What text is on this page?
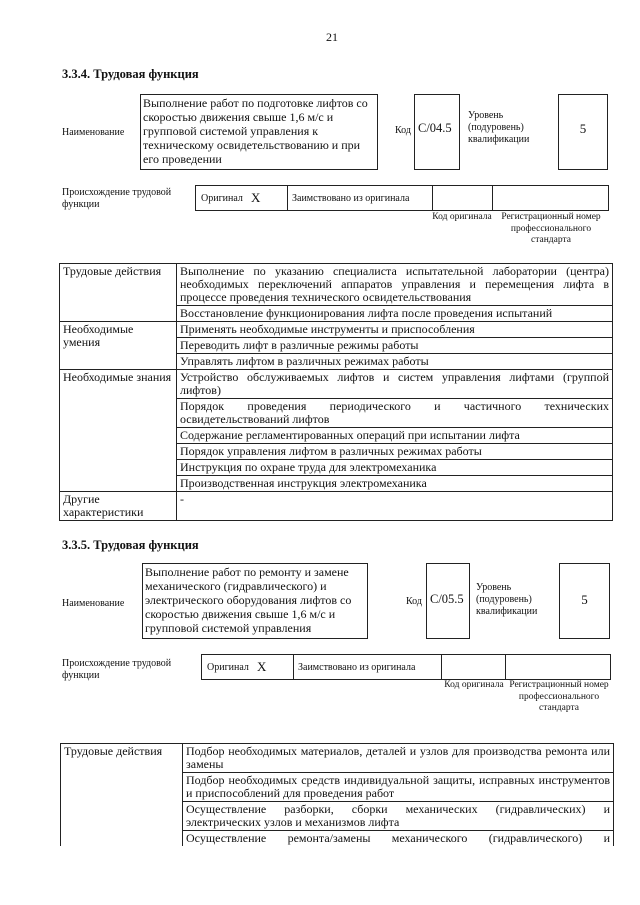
21
3.3.4. Трудовая функция
Наименование
Выполнение работ по подготовке лифтов со скоростью движения свыше 1,6 м/с и групповой системой управления к техническому освидетельствованию и при его проведении
Код C/04.5
Уровень (подуровень) квалификации
5
Происхождение трудовой функции
Оригинал X	Заимствовано из оригинала
Код оригинала	Регистрационный номер профессионального стандарта
Трудовые действия	Выполнение по указанию специалиста испытательной лаборатории (центра) необходимых переключений аппаратов управления и перемещения лифта в процессе проведения технического освидетельствования
	Восстановление функционирования лифта после проведения испытаний
Необходимые умения	Применять необходимые инструменты и приспособления
	Переводить лифт в различные режимы работы
	Управлять лифтом в различных режимах работы
Необходимые знания	Устройство обслуживаемых лифтов и систем управления лифтами (группой лифтов)
	Порядок проведения периодического и частичного технических освидетельствований лифтов
	Содержание регламентированных операций при испытании лифта
	Порядок управления лифтом в различных режимах работы
	Инструкция по охране труда для электромеханика
	Производственная инструкция электромеханика
Другие характеристики	-
3.3.5. Трудовая функция
Наименование
Выполнение работ по ремонту и замене механического (гидравлического) и электрического оборудования лифтов со скоростью движения свыше 1,6 м/с и групповой системой управления
Код C/05.5
Уровень (подуровень) квалификации
5
Происхождение трудовой функции
Оригинал X	Заимствовано из оригинала
Код оригинала Регистрационный номер профессионального стандарта
Трудовые действия	Подбор необходимых материалов, деталей и узлов для производства ремонта или замены
Подбор необходимых средств индивидуальной защиты, исправных инструментов и приспособлений для проведения работ
Осуществление разборки, сборки механических (гидравлических) и электрических узлов и механизмов лифта
Осуществление ремонта/замены механического (гидравлического) и
